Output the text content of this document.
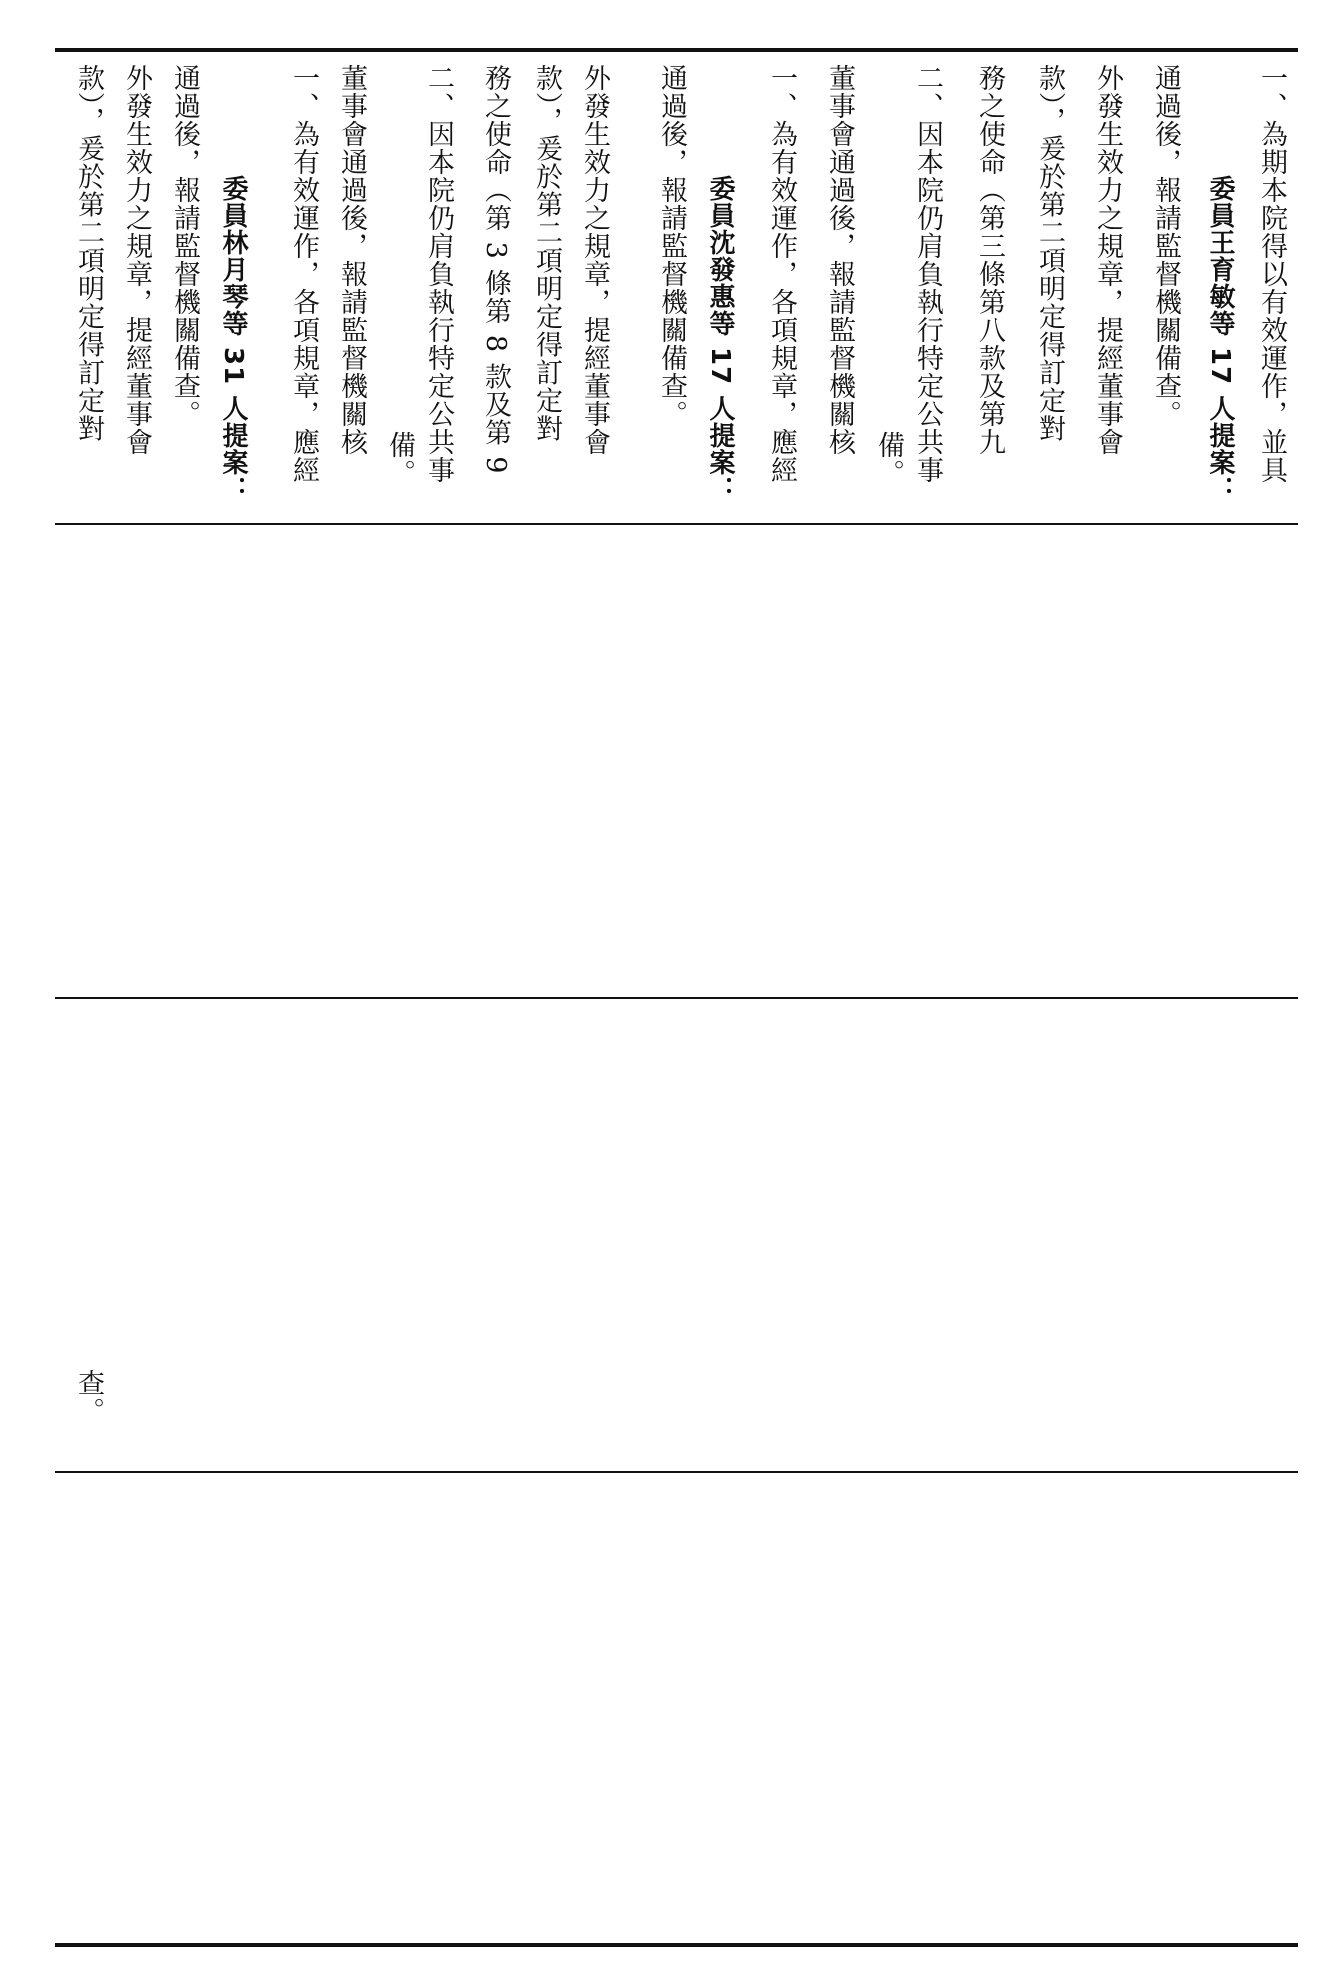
款），爰於第二項明定得訂定對 外發生效力之規章，提經董事會 通過後，報請監督機關備查。 委員林月琴等 31 人提案： 一、為有效運作，各項規章，應經 董事會通過後，報請監督機關核
備。 二、因本院仍肩負執行特定公共事 務之使命（第 3 條第 8 款及第 9 款），爰於第二項明定得訂定對 外發生效力之規章，提經董事會 通過後，報請監督機關備查。 委員沈發惠等 17 人提案： 一、為有效運作，各項規章，應經 董事會通過後，報請監督機關核
備。 二、因本院仍肩負執行特定公共事 務之使命（第三條第八款及第九 款），爰於第二項明定得訂定對 外發生效力之規章，提經董事會 通過後，報請監督機關備查。 委員王育敏等 17 人提案： 一、為期本院得以有效運作，並具
查。
